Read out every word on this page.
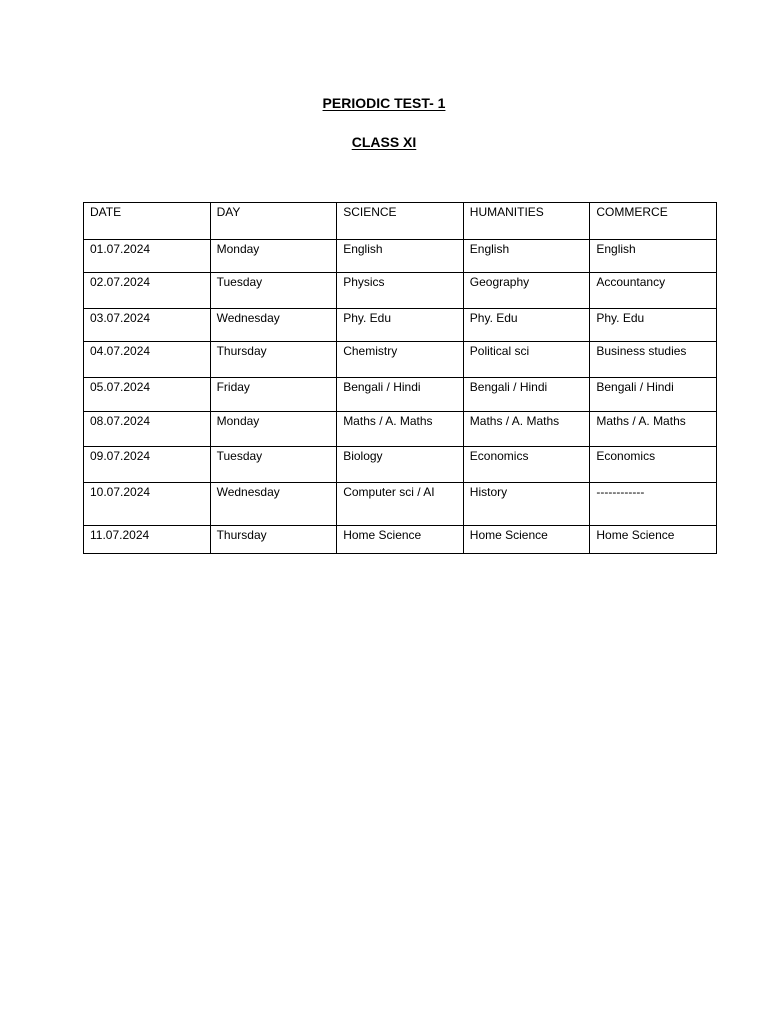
PERIODIC TEST- 1
CLASS XI
DATE	DAY	SCIENCE	HUMANITIES	COMMERCE
01.07.2024	Monday	English	English	English
02.07.2024	Tuesday	Physics	Geography	Accountancy
03.07.2024	Wednesday	Phy. Edu	Phy. Edu	Phy. Edu
04.07.2024	Thursday	Chemistry	Political sci	Business studies
05.07.2024	Friday	Bengali / Hindi	Bengali / Hindi	Bengali / Hindi
08.07.2024	Monday	Maths / A. Maths	Maths / A. Maths	Maths / A. Maths
09.07.2024	Tuesday	Biology	Economics	Economics
10.07.2024	Wednesday	Computer sci / AI	History	------------
11.07.2024	Thursday	Home Science	Home Science	Home Science
